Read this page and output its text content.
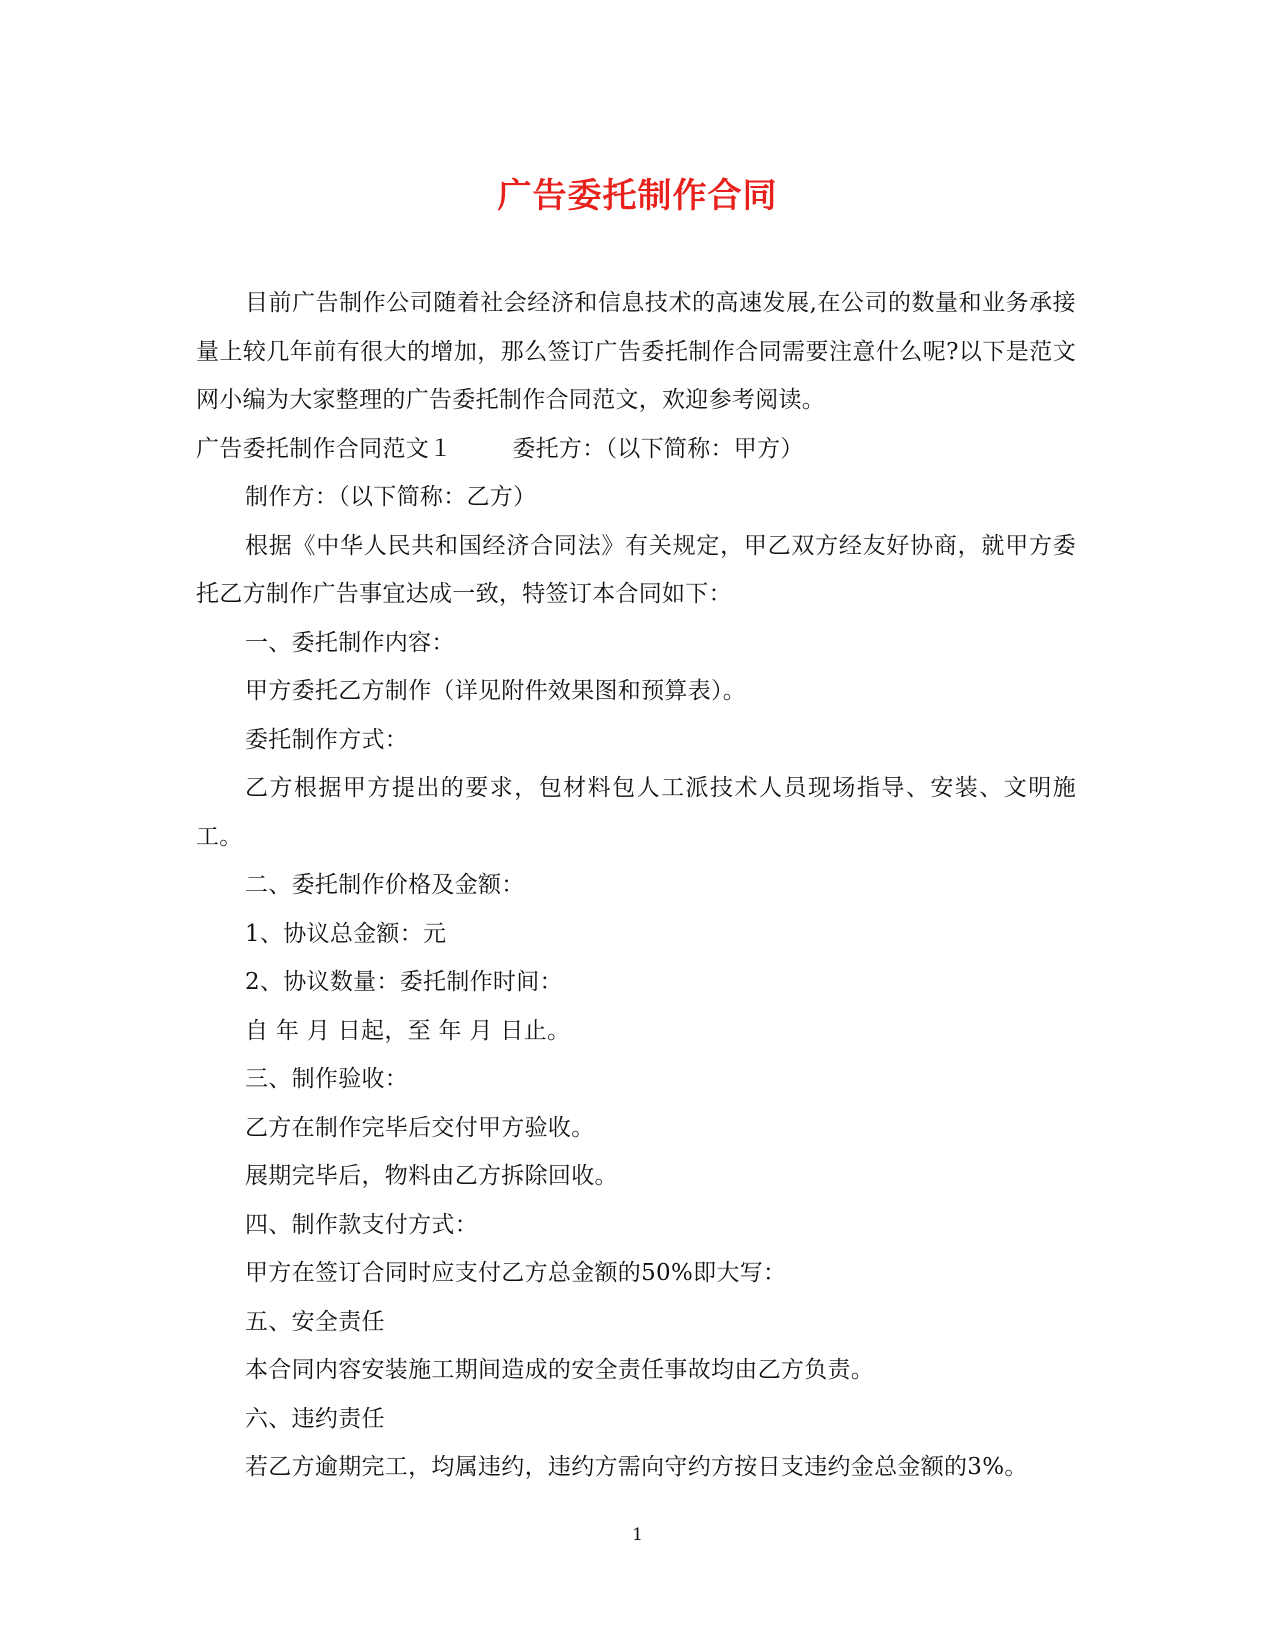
广告委托制作合同

目前广告制作公司随着社会经济和信息技术的高速发展,在公司的数量和业务承接量上较几年前有很大的增加，那么签订广告委托制作合同需要注意什么呢?以下是范文网小编为大家整理的广告委托制作合同范文，欢迎参考阅读。

广告委托制作合同范文１	委托方：（以下简称：甲方）

制作方：（以下简称：乙方）

根据《中华人民共和国经济合同法》有关规定，甲乙双方经友好协商，就甲方委托乙方制作广告事宜达成一致，特签订本合同如下：

一、委托制作内容：

甲方委托乙方制作（详见附件效果图和预算表）。

委托制作方式：

乙方根据甲方提出的要求，包材料包人工派技术人员现场指导、安装、文明施工。

二、委托制作价格及金额：

1、协议总金额：元

2、协议数量：委托制作时间：

自 年 月 日起，至 年 月 日止。

三、制作验收：

乙方在制作完毕后交付甲方验收。

展期完毕后，物料由乙方拆除回收。

四、制作款支付方式：

甲方在签订合同时应支付乙方总金额的50%即大写：

五、安全责任

本合同内容安装施工期间造成的安全责任事故均由乙方负责。

六、违约责任

若乙方逾期完工，均属违约，违约方需向守约方按日支违约金总金额的3%。

1
